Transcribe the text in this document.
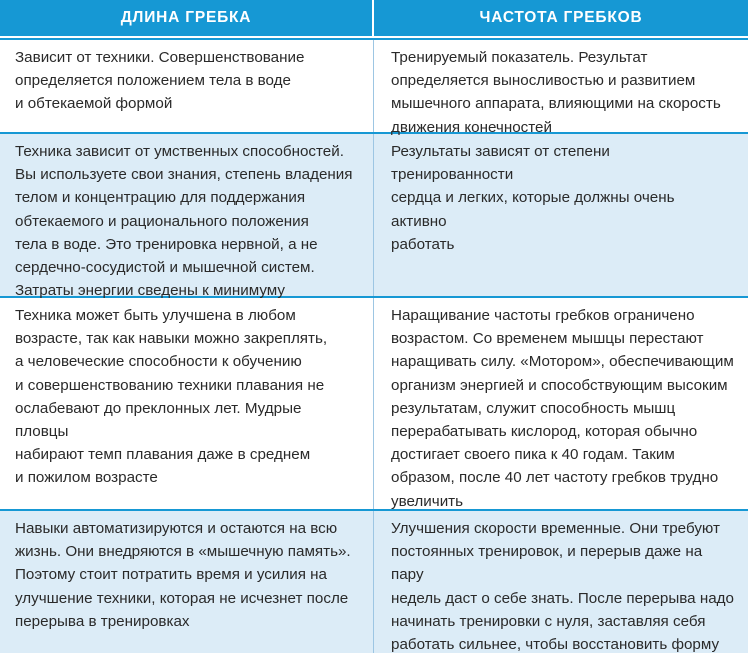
ДЛИНА ГРЕБКА	ЧАСТОТА ГРЕБКОВ
Зависит от техники. Совершенствование
определяется положением тела в воде
и обтекаемой формой
Тренируемый показатель. Результат
определяется выносливостью и развитием
мышечного аппарата, влияющими на скорость
движения конечностей
Техника зависит от умственных способностей.
Вы используете свои знания, степень владения
телом и концентрацию для поддержания
обтекаемого и рационального положения
тела в воде. Это тренировка нервной, а не
сердечно-сосудистой и мышечной систем.
Затраты энергии сведены к минимуму
Результаты зависят от степени тренированности
сердца и легких, которые должны очень активно
работать
Техника может быть улучшена в любом
возрасте, так как навыки можно закреплять,
а человеческие способности к обучению
и совершенствованию техники плавания не
ослабевают до преклонных лет. Мудрые пловцы
набирают темп плавания даже в среднем
и пожилом возрасте
Наращивание частоты гребков ограничено
возрастом. Со временем мышцы перестают
наращивать силу. «Мотором», обеспечивающим
организм энергией и способствующим высоким
результатам, служит способность мышц
перерабатывать кислород, которая обычно
достигает своего пика к 40 годам. Таким
образом, после 40 лет частоту гребков трудно
увеличить
Навыки автоматизируются и остаются на всю
жизнь. Они внедряются в «мышечную память».
Поэтому стоит потратить время и усилия на
улучшение техники, которая не исчезнет после
перерыва в тренировках
Улучшения скорости временные. Они требуют
постоянных тренировок, и перерыв даже на пару
недель даст о себе знать. После перерыва надо
начинать тренировки с нуля, заставляя себя
работать сильнее, чтобы восстановить форму
